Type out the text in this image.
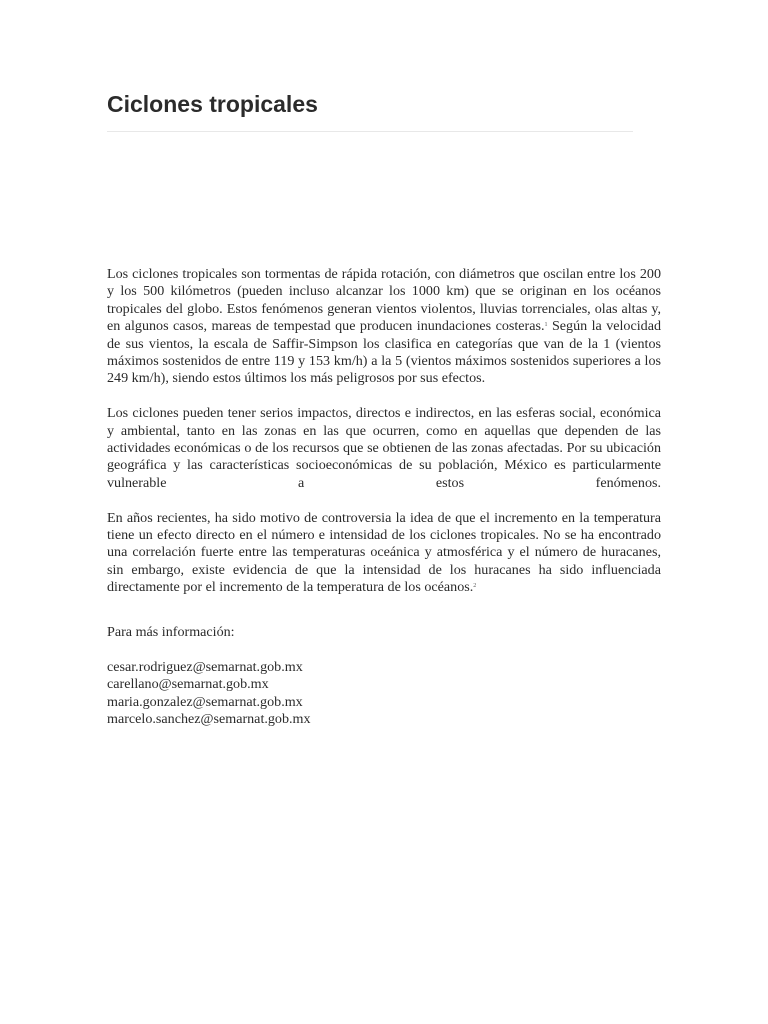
Ciclones tropicales

Los ciclones tropicales son tormentas de rápida rotación, con diámetros que oscilan entre los 200 y los 500 kilómetros (pueden incluso alcanzar los 1000 km) que se originan en los océanos tropicales del globo. Estos fenómenos generan vientos violentos, lluvias torrenciales, olas altas y, en algunos casos, mareas de tempestad que producen inundaciones costeras.$^1$ Según la velocidad de sus vientos, la escala de Saffir-Simpson los clasifica en categorías que van de la 1 (vientos máximos sostenidos de entre 119 y 153 km/h) a la 5 (vientos máximos sostenidos superiores a los 249 km/h), siendo estos últimos los más peligrosos por sus efectos.

Los ciclones pueden tener serios impactos, directos e indirectos, en las esferas social, económica y ambiental, tanto en las zonas en las que ocurren, como en aquellas que dependen de las actividades económicas o de los recursos que se obtienen de las zonas afectadas. Por su ubicación geográfica y las características socioeconómicas de su población, México es particularmente vulnerable a estos fenómenos.

En años recientes, ha sido motivo de controversia la idea de que el incremento en la temperatura tiene un efecto directo en el número e intensidad de los ciclones tropicales. No se ha encontrado una correlación fuerte entre las temperaturas oceánica y atmosférica y el número de huracanes, sin embargo, existe evidencia de que la intensidad de los huracanes ha sido influenciada directamente por el incremento de la temperatura de los océanos.$^2$

Para más información:
cesar.rodriguez@semarnat.gob.mx
carellano@semarnat.gob.mx
maria.gonzalez@semarnat.gob.mx
marcelo.sanchez@semarnat.gob.mx
